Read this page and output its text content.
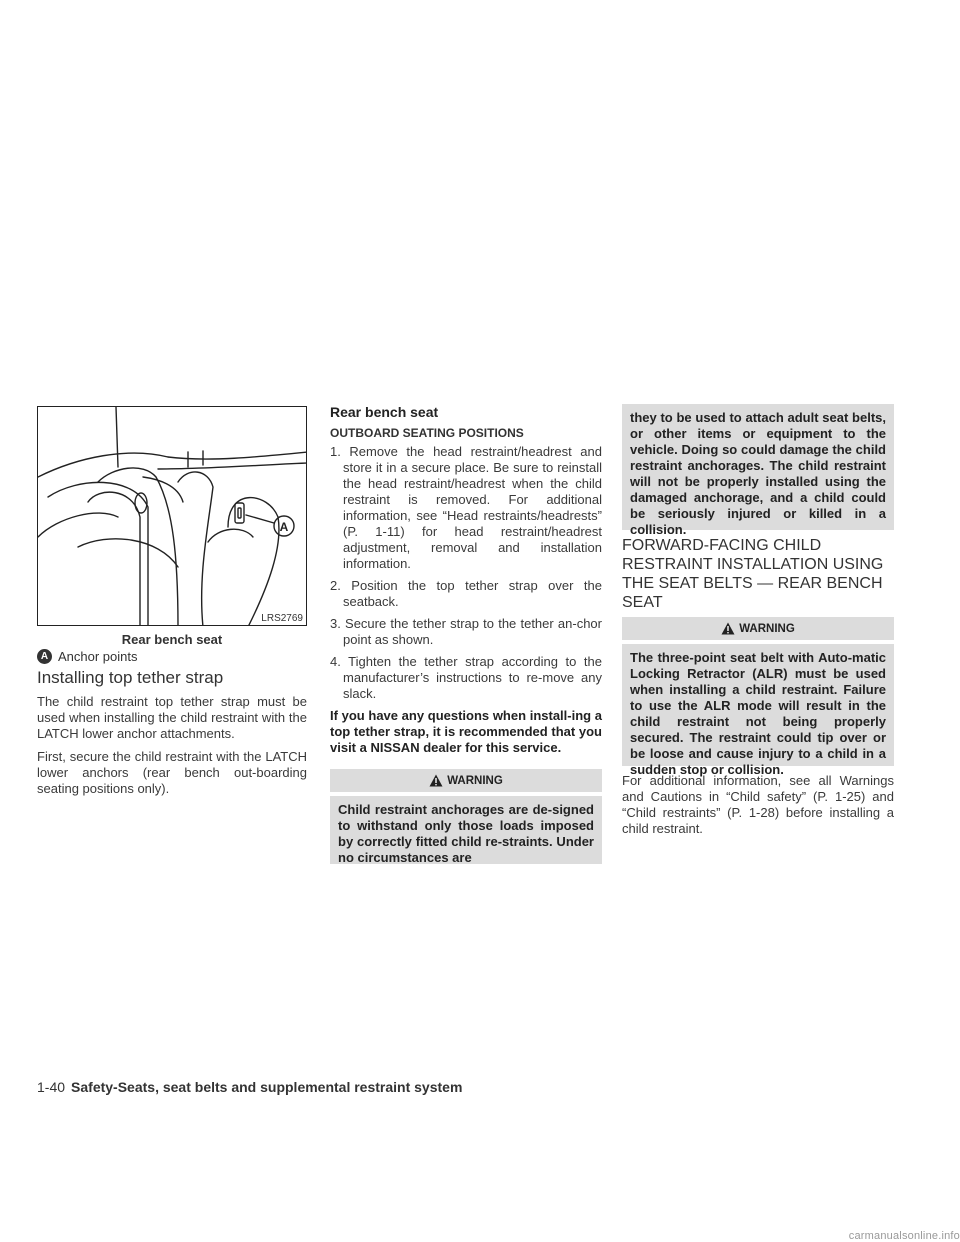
A
LRS2769
Rear bench seat
A Anchor points
Installing top tether strap

The child restraint top tether strap must be used when installing the child restraint with the LATCH lower anchor attachments.

First, secure the child restraint with the LATCH lower anchors (rear bench out-boarding seating positions only).

Rear bench seat
OUTBOARD SEATING POSITIONS
1. Remove the head restraint/headrest and store it in a secure place. Be sure to reinstall the head restraint/headrest when the child restraint is removed. For additional information, see “Head restraints/headrests” (P. 1-11) for head restraint/headrest adjustment, removal and installation information.
2. Position the top tether strap over the seatback.
3. Secure the tether strap to the tether an-chor point as shown.
4. Tighten the tether strap according to the manufacturer’s instructions to re-move any slack.

If you have any questions when install-ing a top tether strap, it is recommended that you visit a NISSAN dealer for this service.

WARNING

Child restraint anchorages are de-signed to withstand only those loads imposed by correctly fitted child re-straints. Under no circumstances are

they to be used to attach adult seat belts, or other items or equipment to the vehicle. Doing so could damage the child restraint anchorages. The child restraint will not be properly installed using the damaged anchorage, and a child could be seriously injured or killed in a collision.

FORWARD-FACING CHILD RESTRAINT INSTALLATION USING THE SEAT BELTS — REAR BENCH SEAT
WARNING

The three-point seat belt with Auto-matic Locking Retractor (ALR) must be used when installing a child restraint. Failure to use the ALR mode will result in the child restraint not being properly secured. The restraint could tip over or be loose and cause injury to a child in a sudden stop or collision.

For additional information, see all Warnings and Cautions in “Child safety” (P. 1-25) and “Child restraints” (P. 1-28) before installing a child restraint.

1-40 Safety-Seats, seat belts and supplemental restraint system
carmanualsonline.info
